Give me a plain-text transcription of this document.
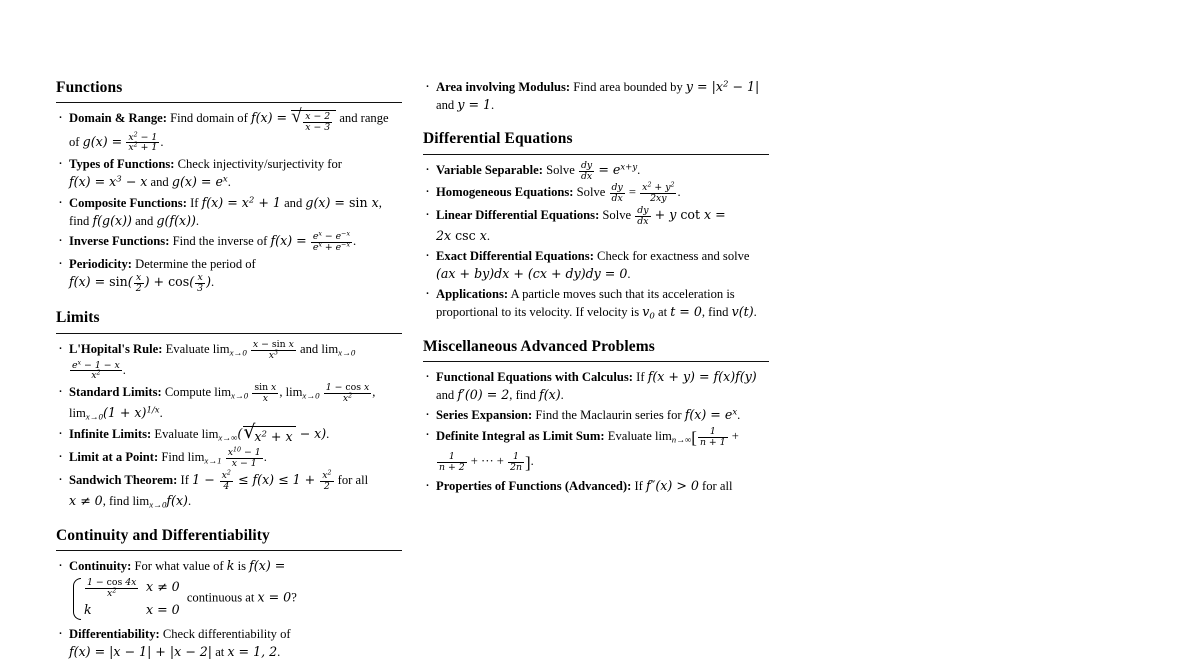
Functions
· Domain & Range: Find domain of f(x) = √ $\frac{x - 2}{x - 3}$ and range of $g(x) = \frac{x^2 - 1}{x^2 + 1}$ .
· Types of Functions: Check injectivity/surjectivity for $f(x) = x^3 - x$ and $g(x) = e^x$.
· Composite Functions: If $f(x) = x^2 + 1$ and g(x) = sin x, find f(g(x)) and g(f(x)).
· Inverse Functions: Find the inverse of $f(x) = \frac{e^x - e^{-x}}{e^x + e^{-x}}$ .
· Periodicity: Determine the period of $f(x) = \sin( \frac{x}{2}$ ) + $\cos( \frac{x}{3}$ ).
Limits
· L'Hopital's Rule: Evaluate $\lim_{x\to 0} \frac{\text{x − sin x}}{x^3}$ and $\lim_{x\to 0}$
$\frac{e^x - 1 - x}{x^2}$ .
· Standard Limits: Compute $\lim_{x\to 0} \frac{\text{sin x}}{x}$ , $\lim_{x\to 0} \frac{\text{1 − cos x}}{x^2}$ , $\lim_{x\to 0}(1 + x)^{1/x}$.
· Infinite Limits: Evaluate $\lim_{x\to\infty}$( √ $x^2 + x - x$).
· Limit at a Point: Find $\lim_{x\to 1} \frac{x^{10} - 1}{x - 1}$ .
· Sandwich Theorem: If $1 - \frac{x^2}{4} \le f(x) \le 1 + \frac{x^2}{2}$ for all x ≠ 0, find $\lim_{x\to 0}f(x)$.
Continuity and Differentiability
· Continuity: For what value of k is f(x) =
$\frac{1 - \cos 4x}{x^2}$ x ≠ 0
k	x = 0
continuous at x = 0?
· Differentiability: Check differentiability of f(x) = |x − 1| + |x − 2| at x = 1, 2.
· Area involving Modulus: Find area bounded by $y = |x^2 - 1|$ and y = 1.
Differential Equations
· Variable Separable: Solve $\frac{dy}{dx} = e^{x+y}$.
· Homogeneous Equations: Solve $\frac{dy}{dx} = \frac{x^2 + y^2}{2xy}$ .
· Linear Differential Equations: Solve $\frac{dy}{dx} + y$ cot x = 2x csc x.
· Exact Differential Equations: Check for exactness and solve (ax + by)dx + (cx + dy)dy = 0.
· Applications: A particle moves such that its acceleration is proportional to its velocity. If velocity is $v_0$ at t = 0, find v(t).
Miscellaneous Advanced Problems
· Functional Equations with Calculus: If f(x + y) = f(x)f(y) and f′(0) = 2, find f(x).
· Series Expansion: Find the Maclaurin series for $f(x) = e^x$.
· Definite Integral as Limit Sum: Evaluate $\lim_{n\to\infty}[ \frac{1}{n + 1}$ +
$\frac{1}{n + 2}$ + ··· + $\frac{1}{2n}$ ].
· Properties of Functions (Advanced): If f″(x) > 0 for all
